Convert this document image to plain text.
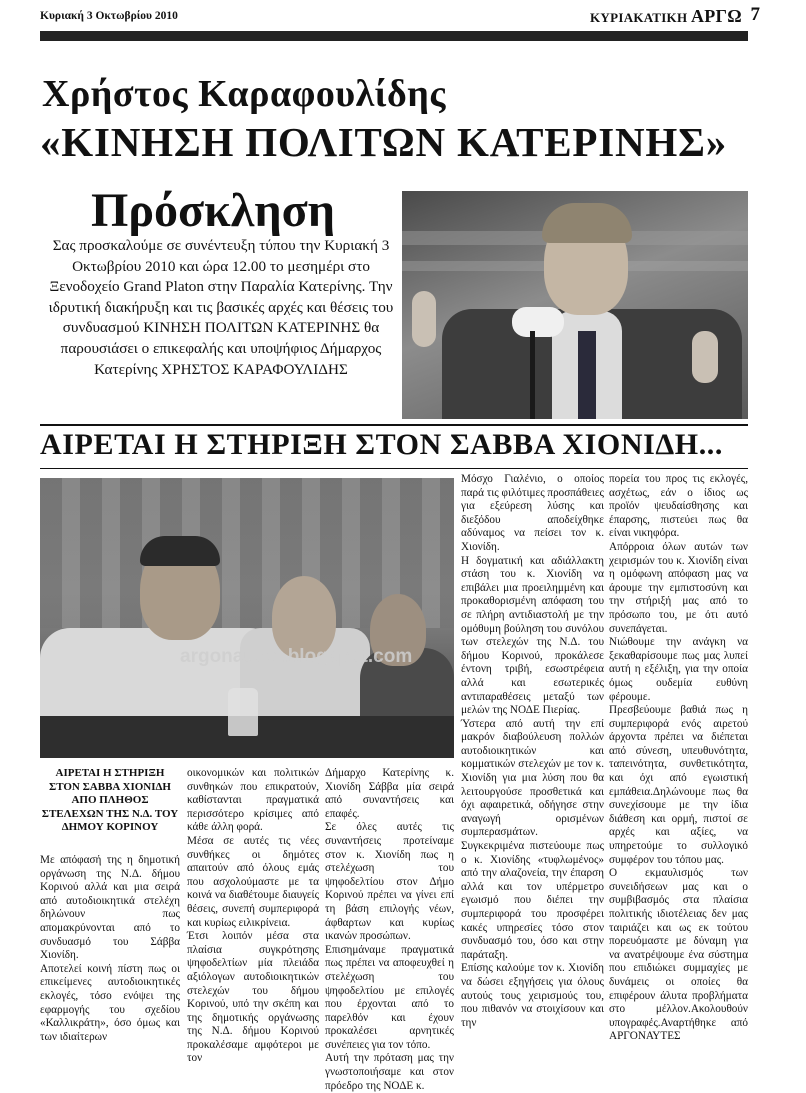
Κυριακή 3 Οκτωβρίου 2010	ΚΥΡΙΑΚΑΤΙΚΗ ΑΡΓΩ 7
Χρήστος Καραφουλίδης
«ΚΙΝΗΣΗ ΠΟΛΙΤΩΝ ΚΑΤΕΡΙΝΗΣ»
Πρόσκληση
Σας προσκαλούμε σε συνέντευξη τύπου την Κυριακή 3 Οκτωβρίου 2010 και ώρα 12.00 το μεσημέρι στο Ξενοδοχείο Grand Platon στην Παραλία Κατερίνης. Την ιδρυτική διακήρυξη και τις βασικές αρχές και θέσεις του συνδυασμού ΚΙΝΗΣΗ ΠΟΛΙΤΩΝ ΚΑΤΕΡΙΝΗΣ θα παρουσιάσει ο επικεφαλής και υποψήφιος Δήμαρχος Κατερίνης ΧΡΗΣΤΟΣ ΚΑΡΑΦΟΥΛΙΔΗΣ
ΑΙΡΕΤΑΙ Η ΣΤΗΡΙΞΗ ΣΤΟΝ ΣΑΒΒΑ ΧΙΟΝΙΔΗ...
argonautes.blogspot.com
ΑΙΡΕΤΑΙ Η ΣΤΗΡΙΞΗ ΣΤΟΝ ΣΑΒΒΑ ΧΙΟΝΙΔΗ ΑΠΟ ΠΛΗΘΟΣ ΣΤΕΛΕΧΩΝ ΤΗΣ Ν.Δ. ΤΟΥ ΔΗΜΟΥ ΚΟΡΙΝΟΥ

Με απόφασή της η δημοτική οργάνωση της Ν.Δ. δήμου Κορινού αλλά και μια σειρά από αυτοδιοικητικά στελέχη δηλώνουν πως απομακρύνονται από το συνδυασμό του Σάββα Χιονίδη.

Αποτελεί κοινή πίστη πως οι επικείμενες αυτοδιοικητικές εκλογές, τόσο ενόψει της εφαρμογής του σχεδίου «Καλλικράτη», όσο όμως και των ιδιαίτερων

οικονομικών και πολιτικών συνθηκών που επικρατούν, καθίστανται πραγματικά περισσότερο κρίσιμες από κάθε άλλη φορά.

Μέσα σε αυτές τις νέες συνθήκες οι δημότες απαιτούν από όλους εμάς που ασχολούμαστε με τα κοινά να διαθέτουμε διαυγείς θέσεις, συνεπή συμπεριφορά και κυρίως ειλικρίνεια.

Έτσι λοιπόν μέσα στα πλαίσια συγκρότησης ψηφοδελτίων μία πλειάδα αξιόλογων αυτοδιοικητικών στελεχών του δήμου Κορινού, υπό την σκέπη και της δημοτικής οργάνωσης της Ν.Δ. δήμου Κορινού προκαλέσαμε αμφότεροι με τον

Δήμαρχο Κατερίνης κ. Χιονίδη Σάββα μία σειρά από συναντήσεις και επαφές.

Σε όλες αυτές τις συναντήσεις προτείναμε στον κ. Χιονίδη πως η στελέχωση του ψηφοδελτίου στον Δήμο Κορινού πρέπει να γίνει επί τη βάση επιλογής νέων, άφθαρτων και κυρίως ικανών προσώπων.

Επισημάναμε πραγματικά πως πρέπει να αποφευχθεί η στελέχωση του ψηφοδελτίου με επιλογές που έρχονται από το παρελθόν και έχουν προκαλέσει αρνητικές συνέπειες για τον τόπο.

Αυτή την πρόταση μας την γνωστοποιήσαμε και στον πρόεδρο της ΝΟΔΕ κ.

Μόσχο Γιαλένιο, ο οποίος παρά τις φιλότιμες προσπάθειες για εξεύρεση λύσης και διεξόδου αποδείχθηκε αδύναμος να πείσει τον κ. Χιονίδη.

Η δογματική και αδιάλλακτη στάση του κ. Χιονίδη να επιβάλει μια προειλημμένη και προκαθορισμένη απόφαση του σε πλήρη αντιδιαστολή με την ομόθυμη βούληση του συνόλου των στελεχών της Ν.Δ. του δήμου Κορινού, προκάλεσε έντονη τριβή, εσωστρέφεια αλλά και εσωτερικές αντιπαραθέσεις μεταξύ των μελών της ΝΟΔΕ Πιερίας.

Ύστερα από αυτή την επί μακρόν διαβούλευση πολλών αυτοδιοικητικών και κομματικών στελεχών με τον κ. Χιονίδη για μια λύση που θα λειτουργούσε προσθετικά και όχι αφαιρετικά, οδήγησε στην αναγωγή ορισμένων συμπερασμάτων.

Συγκεκριμένα πιστεύουμε πως ο κ. Χιονίδης «τυφλωμένος» από την αλαζονεία, την έπαρση αλλά και τον υπέρμετρο εγωισμό που διέπει την συμπεριφορά του προσφέρει κακές υπηρεσίες τόσο στον συνδυασμό του, όσο και στην παράταξη.

Επίσης καλούμε τον κ. Χιονίδη να δώσει εξηγήσεις για όλους αυτούς τους χειρισμούς του, που πιθανόν να στοιχίσουν και την

πορεία του προς τις εκλογές, ασχέτως, εάν ο ίδιος ως προϊόν ψευδαίσθησης και έπαρσης, πιστεύει πως θα είναι νικηφόρα.

Απόρροια όλων αυτών των χειρισμών του κ. Χιονίδη είναι η ομόφωνη απόφαση μας να άρουμε την εμπιστοσύνη και την στήριξή μας από το πρόσωπο του, με ότι αυτό συνεπάγεται.

Νιώθουμε την ανάγκη να ξεκαθαρίσουμε πως μας λυπεί αυτή η εξέλιξη, για την οποία όμως ουδεμία ευθύνη φέρουμε.

Πρεσβεύουμε βαθιά πως η συμπεριφορά ενός αιρετού άρχοντα πρέπει να διέπεται από σύνεση, υπευθυνότητα, ταπεινότητα, συνθετικότητα, και όχι από εγωιστική εμπάθεια.Δηλώνουμε πως θα συνεχίσουμε με την ίδια διάθεση και ορμή, πιστοί σε αρχές και αξίες, να υπηρετούμε το συλλογικό συμφέρον του τόπου μας.

Ο εκμαυλισμός των συνειδήσεων μας και ο συμβιβασμός στα πλαίσια πολιτικής ιδιοτέλειας δεν μας ταιριάζει και ως εκ τούτου πορευόμαστε με δύναμη για να ανατρέψουμε ένα σύστημα που επιδιώκει συμμαχίες με δυνάμεις οι οποίες θα επιφέρουν άλυτα προβλήματα στο μέλλον.Ακολουθούν υπογραφές.Αναρτήθηκε από ΑΡΓΟΝΑΥΤΕΣ
